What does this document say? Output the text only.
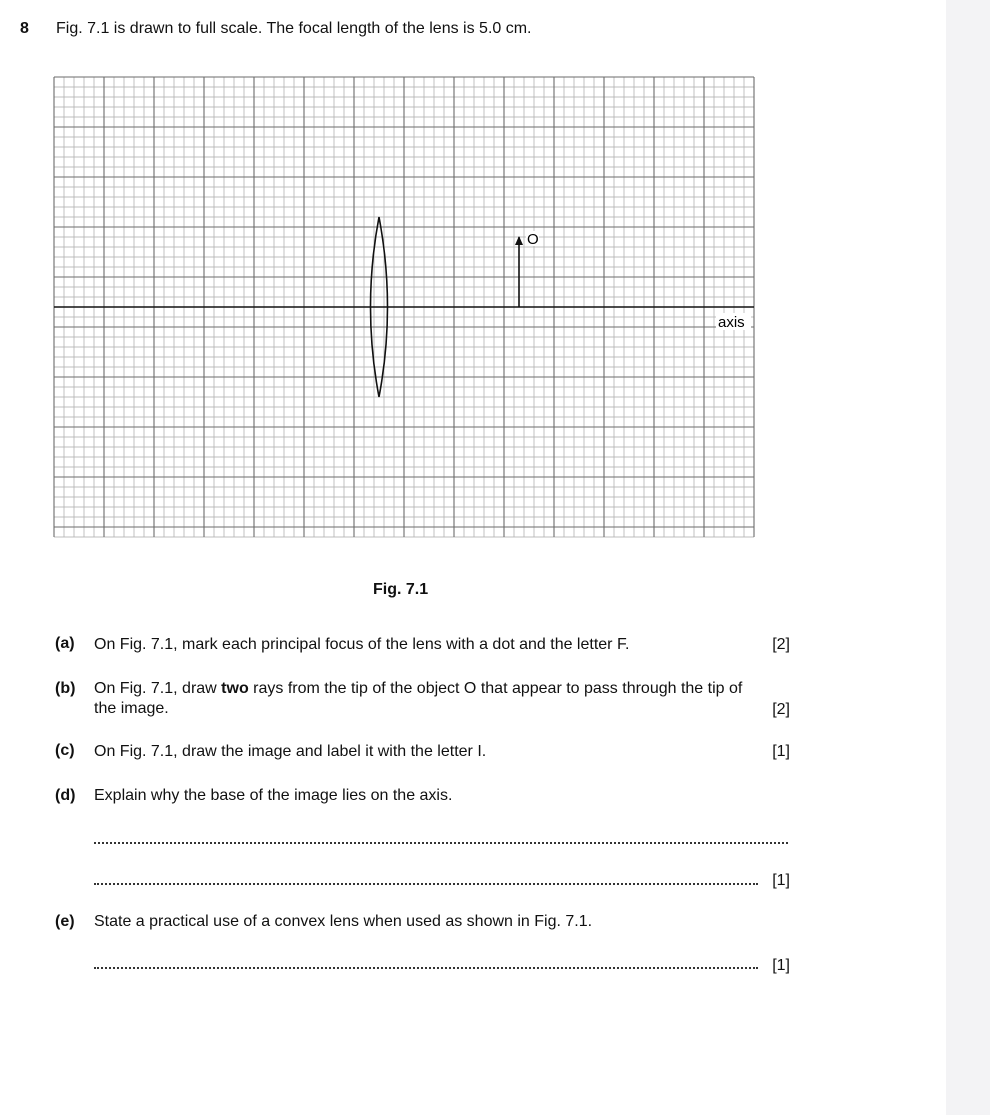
8 Fig. 7.1 is drawn to full scale. The focal length of the lens is 5.0 cm.
O
axis
Fig. 7.1
(a) On Fig. 7.1, mark each principal focus of the lens with a dot and the letter F.	[2]
(b) On Fig. 7.1, draw two rays from the tip of the object O that appear to pass through the tip of the image.	[2]
(c) On Fig. 7.1, draw the image and label it with the letter I.	[1]
(d) Explain why the base of the image lies on the axis.
[1]
(e) State a practical use of a convex lens when used as shown in Fig. 7.1.
[1]
